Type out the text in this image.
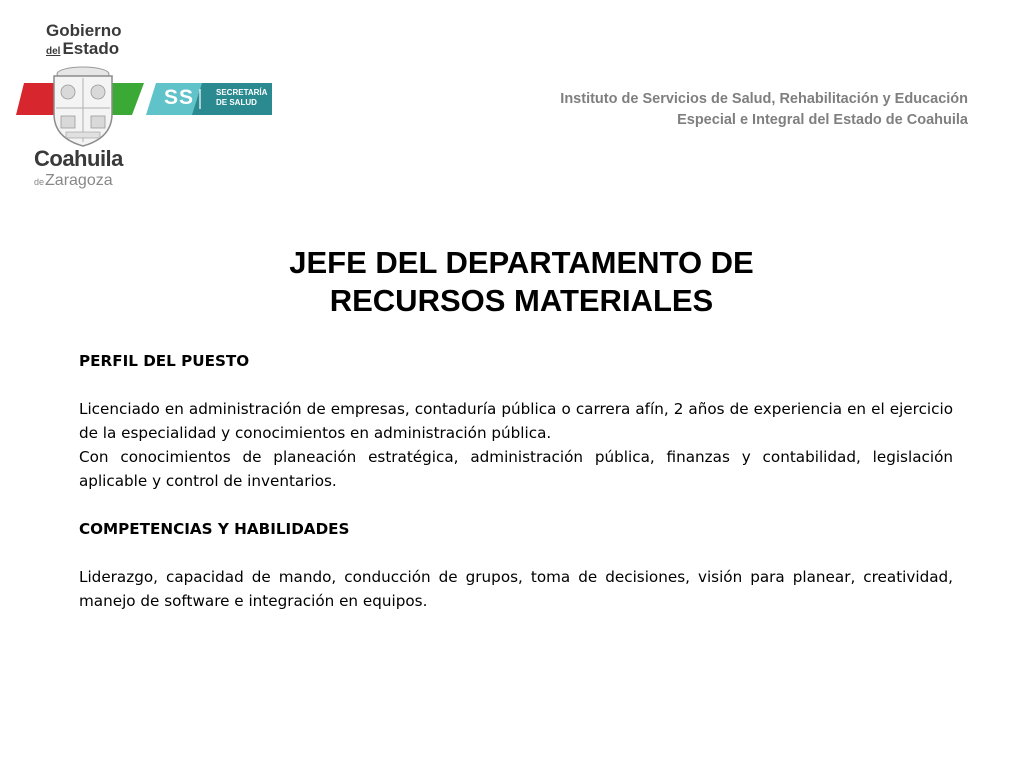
Gobierno
del Estado
SS	SECRETARÍA
DE SALUD
Coahuila
deZaragoza
Instituto de Servicios de Salud, Rehabilitación y Educación
Especial e Integral del Estado de Coahuila
JEFE DEL DEPARTAMENTO DE
RECURSOS MATERIALES

PERFIL DEL PUESTO

Licenciado en administración de empresas, contaduría pública o carrera afín, 2 años de experiencia en el ejercicio de la especialidad y conocimientos en administración pública.

Con conocimientos de planeación estratégica, administración pública, finanzas y contabilidad, legislación aplicable y control de inventarios.

COMPETENCIAS Y HABILIDADES

Liderazgo, capacidad de mando, conducción de grupos, toma de decisiones, visión para planear, creatividad, manejo de software e integración en equipos.
